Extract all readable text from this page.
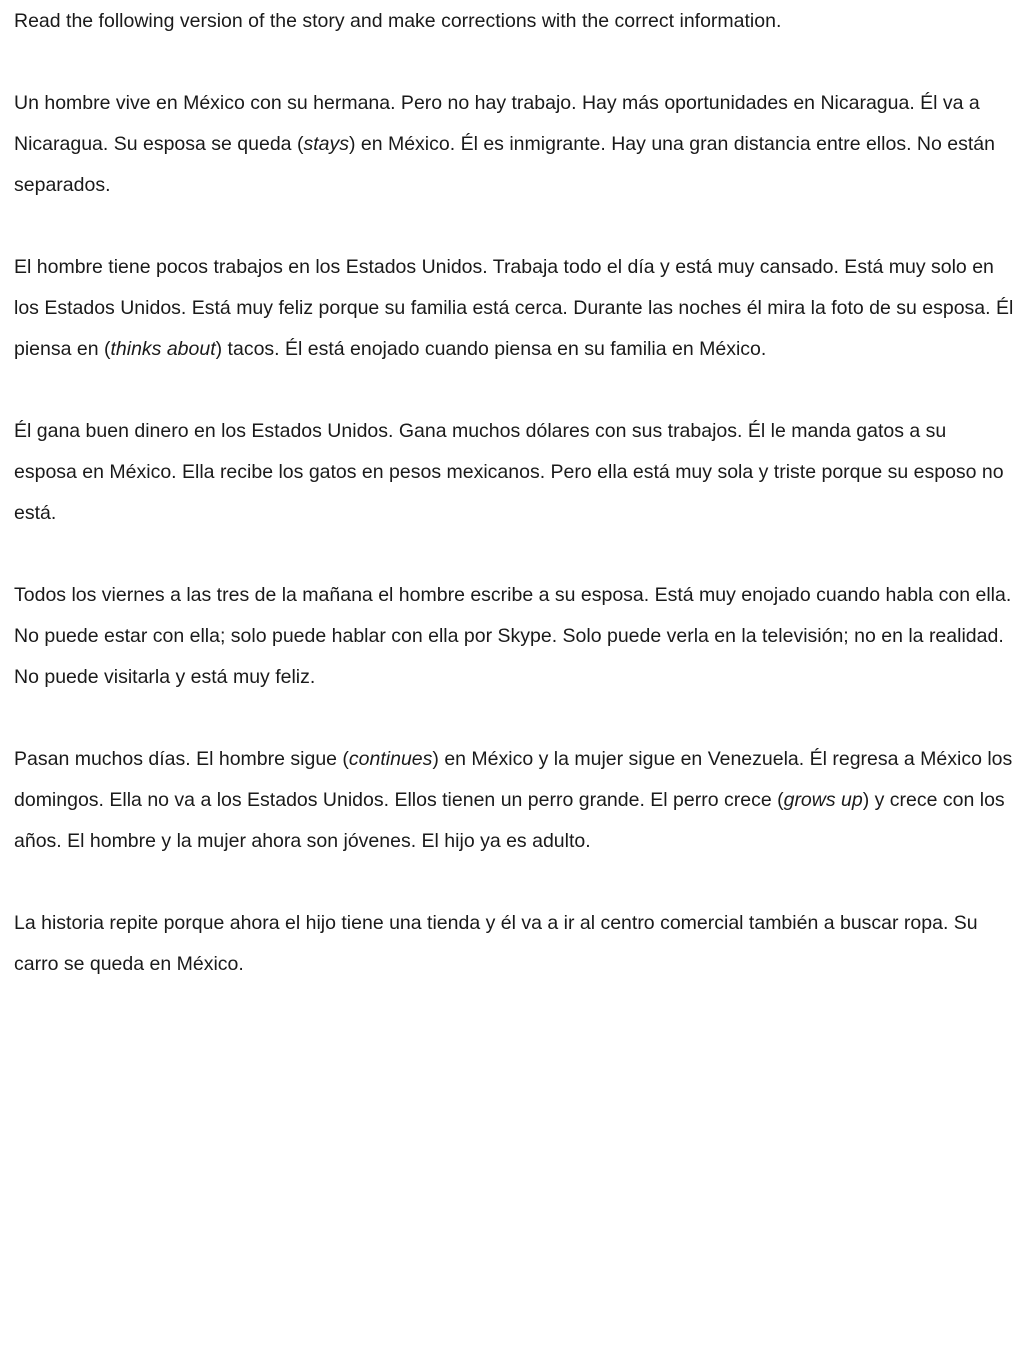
Read the following version of the story and make corrections with the correct information.

Un hombre vive en México con su hermana. Pero no hay trabajo. Hay más oportunidades en Nicaragua. Él va a Nicaragua. Su esposa se queda (stays) en México. Él es inmigrante. Hay una gran distancia entre ellos. No están separados.

El hombre tiene pocos trabajos en los Estados Unidos. Trabaja todo el día y está muy cansado. Está muy solo en los Estados Unidos. Está muy feliz porque su familia está cerca. Durante las noches él mira la foto de su esposa. Él piensa en (thinks about) tacos. Él está enojado cuando piensa en su familia en México.

Él gana buen dinero en los Estados Unidos. Gana muchos dólares con sus trabajos. Él le manda gatos a su esposa en México. Ella recibe los gatos en pesos mexicanos. Pero ella está muy sola y triste porque su esposo no está.

Todos los viernes a las tres de la mañana el hombre escribe a su esposa. Está muy enojado cuando habla con ella. No puede estar con ella; solo puede hablar con ella por Skype. Solo puede verla en la televisión; no en la realidad. No puede visitarla y está muy feliz.

Pasan muchos días. El hombre sigue (continues) en México y la mujer sigue en Venezuela. Él regresa a México los domingos. Ella no va a los Estados Unidos. Ellos tienen un perro grande. El perro crece (grows up) y crece con los años. El hombre y la mujer ahora son jóvenes. El hijo ya es adulto.

La historia repite porque ahora el hijo tiene una tienda y él va a ir al centro comercial también a buscar ropa. Su carro se queda en México.
